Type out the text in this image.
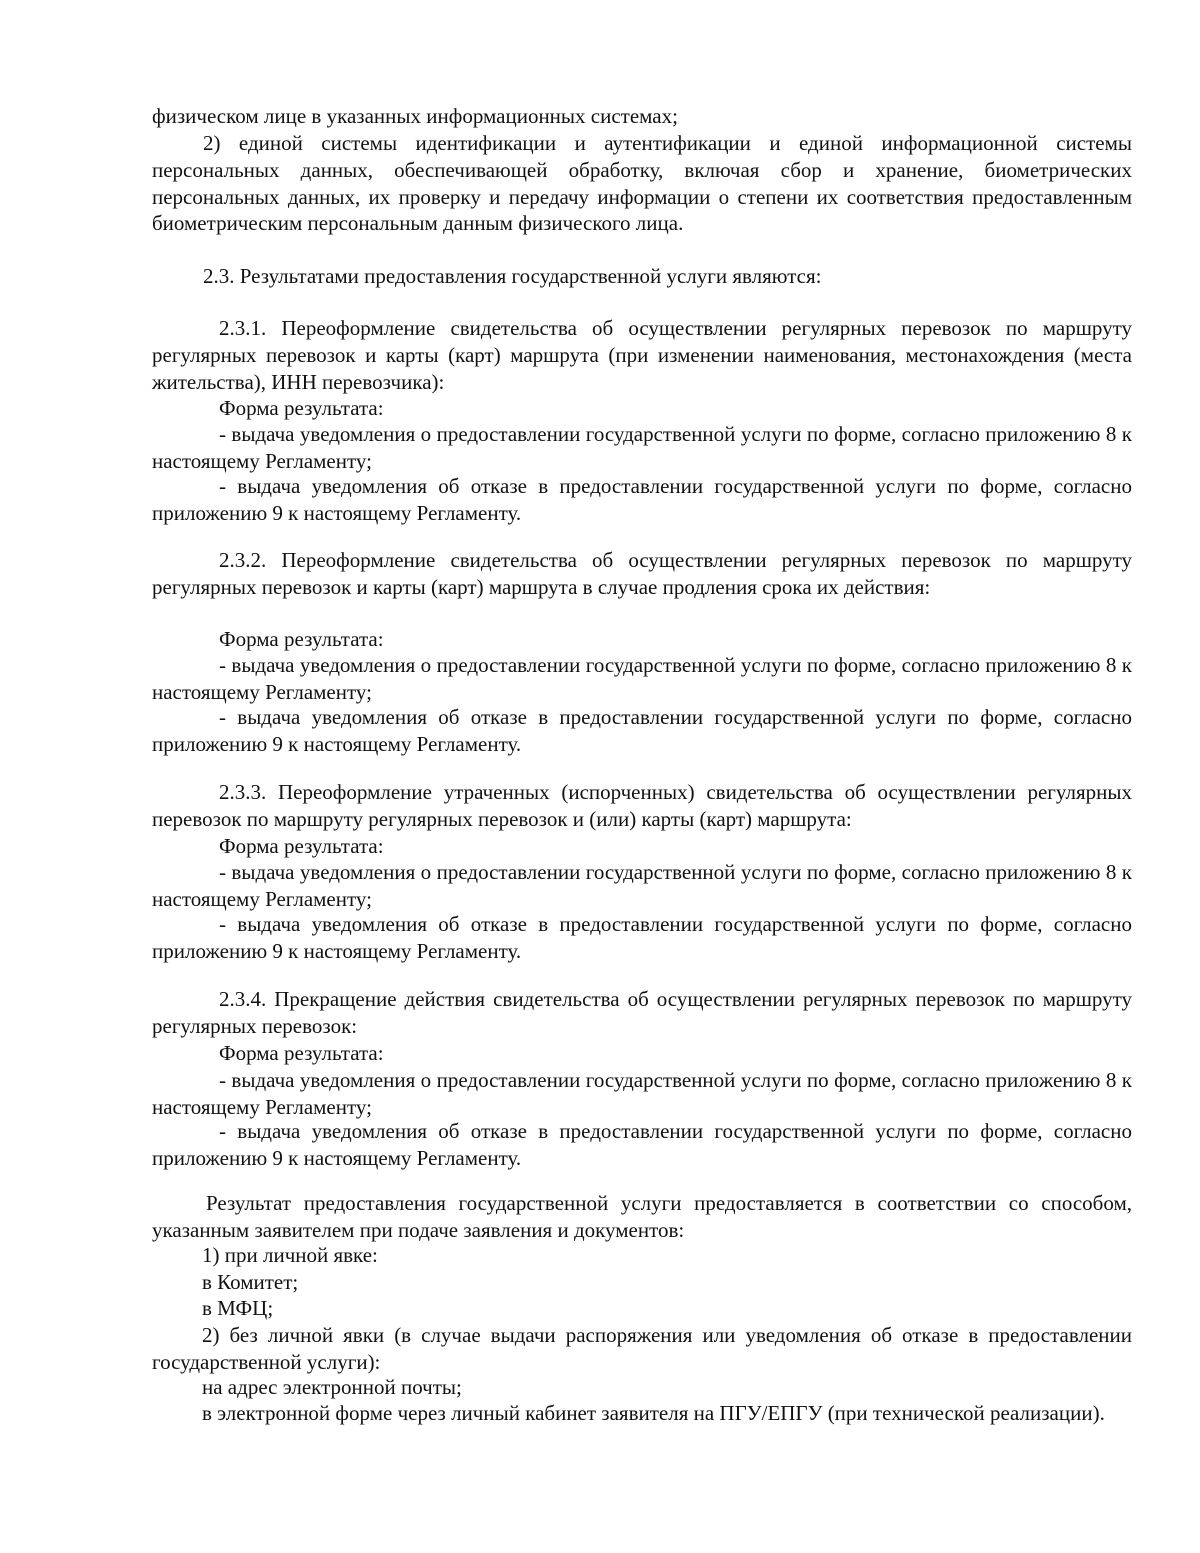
физическом лице в указанных информационных системах;

2) единой системы идентификации и аутентификации и единой информационной системы персональных данных, обеспечивающей обработку, включая сбор и хранение, биометрических персональных данных, их проверку и передачу информации о степени их соответствия предоставленным биометрическим персональным данным физического лица.

2.3. Результатами предоставления государственной услуги являются:

2.3.1. Переоформление свидетельства об осуществлении регулярных перевозок по маршруту регулярных перевозок и карты (карт) маршрута (при изменении наименования, местонахождения (места жительства), ИНН перевозчика):

Форма результата:

- выдача уведомления о предоставлении государственной услуги по форме, согласно приложению 8 к настоящему Регламенту;

- выдача уведомления об отказе в предоставлении государственной услуги по форме, согласно приложению 9 к настоящему Регламенту.

2.3.2. Переоформление свидетельства об осуществлении регулярных перевозок по маршруту регулярных перевозок и карты (карт) маршрута в случае продления срока их действия:

Форма результата:

- выдача уведомления о предоставлении государственной услуги по форме, согласно приложению 8 к настоящему Регламенту;

- выдача уведомления об отказе в предоставлении государственной услуги по форме, согласно приложению 9 к настоящему Регламенту.

2.3.3. Переоформление утраченных (испорченных) свидетельства об осуществлении регулярных перевозок по маршруту регулярных перевозок и (или) карты (карт) маршрута:

Форма результата:

- выдача уведомления о предоставлении государственной услуги по форме, согласно приложению 8 к настоящему Регламенту;

- выдача уведомления об отказе в предоставлении государственной услуги по форме, согласно приложению 9 к настоящему Регламенту.

2.3.4. Прекращение действия свидетельства об осуществлении регулярных перевозок по маршруту регулярных перевозок:

Форма результата:

- выдача уведомления о предоставлении государственной услуги по форме, согласно приложению 8 к настоящему Регламенту;

- выдача уведомления об отказе в предоставлении государственной услуги по форме, согласно приложению 9 к настоящему Регламенту.

Результат предоставления государственной услуги предоставляется в соответствии со способом, указанным заявителем при подаче заявления и документов:

1) при личной явке:

в Комитет;

в МФЦ;

2) без личной явки (в случае выдачи распоряжения или уведомления об отказе в предоставлении государственной услуги):

на адрес электронной почты;

в электронной форме через личный кабинет заявителя на ПГУ/ЕПГУ (при технической реализации).
